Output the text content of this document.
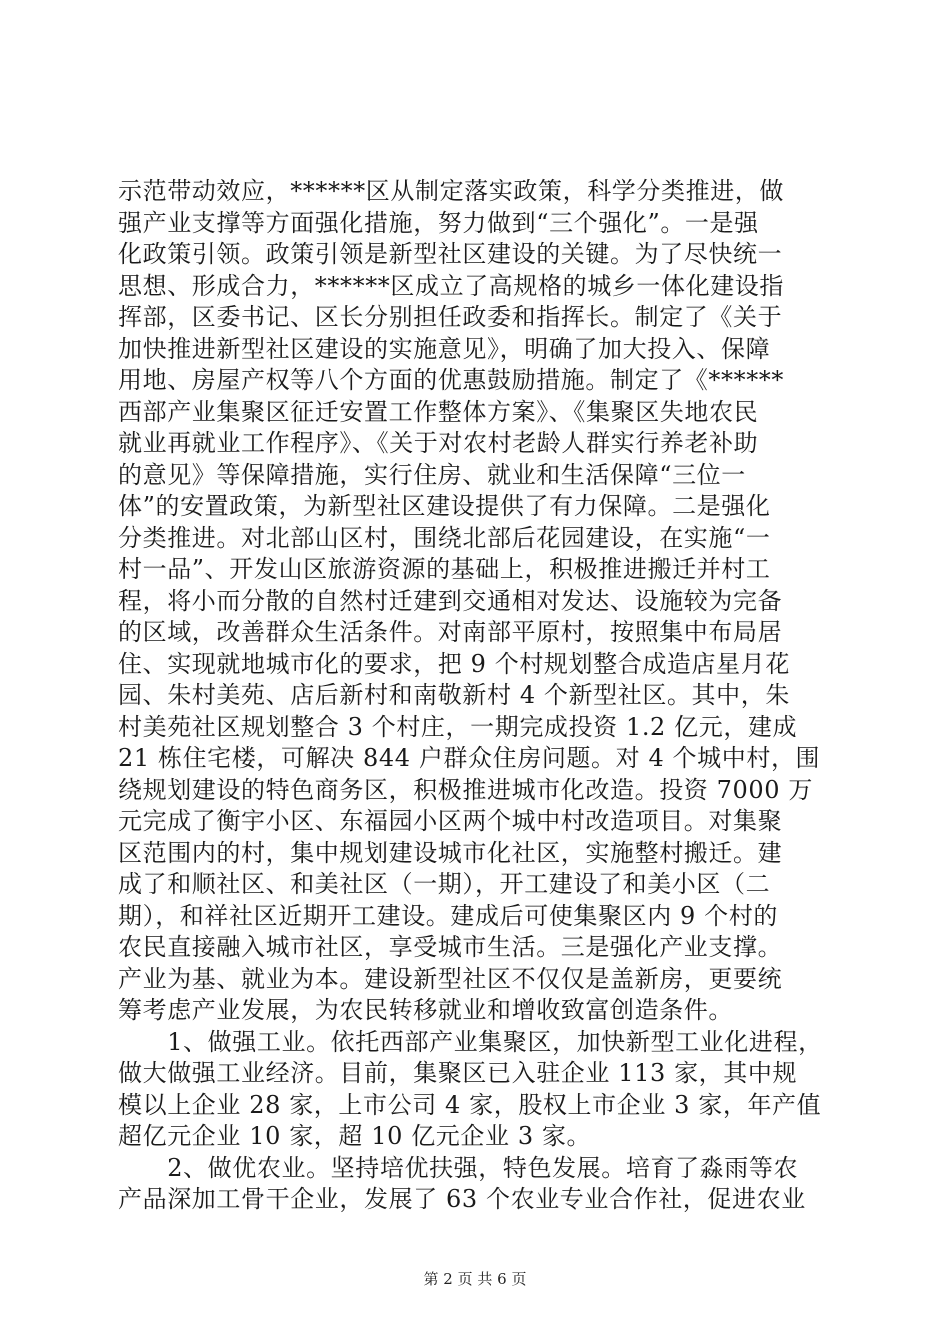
示范带动效应，******区从制定落实政策，科学分类推进，做
强产业支撑等方面强化措施，努力做到“三个强化”。一是强
化政策引领。政策引领是新型社区建设的关键。为了尽快统一
思想、形成合力，******区成立了高规格的城乡一体化建设指
挥部，区委书记、区长分别担任政委和指挥长。制定了《关于
加快推进新型社区建设的实施意见》，明确了加大投入、保障
用地、房屋产权等八个方面的优惠鼓励措施。制定了《******
西部产业集聚区征迁安置工作整体方案》、《集聚区失地农民
就业再就业工作程序》、《关于对农村老龄人群实行养老补助
的意见》等保障措施，实行住房、就业和生活保障“三位一
体”的安置政策，为新型社区建设提供了有力保障。二是强化
分类推进。对北部山区村，围绕北部后花园建设，在实施“一
村一品”、开发山区旅游资源的基础上，积极推进搬迁并村工
程，将小而分散的自然村迁建到交通相对发达、设施较为完备
的区域，改善群众生活条件。对南部平原村，按照集中布局居
住、实现就地城市化的要求，把 9 个村规划整合成造店星月花
园、朱村美苑、店后新村和南敬新村 4 个新型社区。其中，朱
村美苑社区规划整合 3 个村庄，一期完成投资 1.2 亿元，建成
21 栋住宅楼，可解决 844 户群众住房问题。对 4 个城中村，围
绕规划建设的特色商务区，积极推进城市化改造。投资 7000 万
元完成了衡宇小区、东福园小区两个城中村改造项目。对集聚
区范围内的村，集中规划建设城市化社区，实施整村搬迁。建
成了和顺社区、和美社区（一期），开工建设了和美小区（二
期），和祥社区近期开工建设。建成后可使集聚区内 9 个村的
农民直接融入城市社区，享受城市生活。三是强化产业支撑。
产业为基、就业为本。建设新型社区不仅仅是盖新房，更要统
筹考虑产业发展，为农民转移就业和增收致富创造条件。
　　1、做强工业。依托西部产业集聚区，加快新型工业化进程，
做大做强工业经济。目前，集聚区已入驻企业 113 家，其中规
模以上企业 28 家，上市公司 4 家，股权上市企业 3 家，年产值
超亿元企业 10 家，超 10 亿元企业 3 家。
　　2、做优农业。坚持培优扶强，特色发展。培育了淼雨等农
产品深加工骨干企业，发展了 63 个农业专业合作社，促进农业
第 2 页 共 6 页
